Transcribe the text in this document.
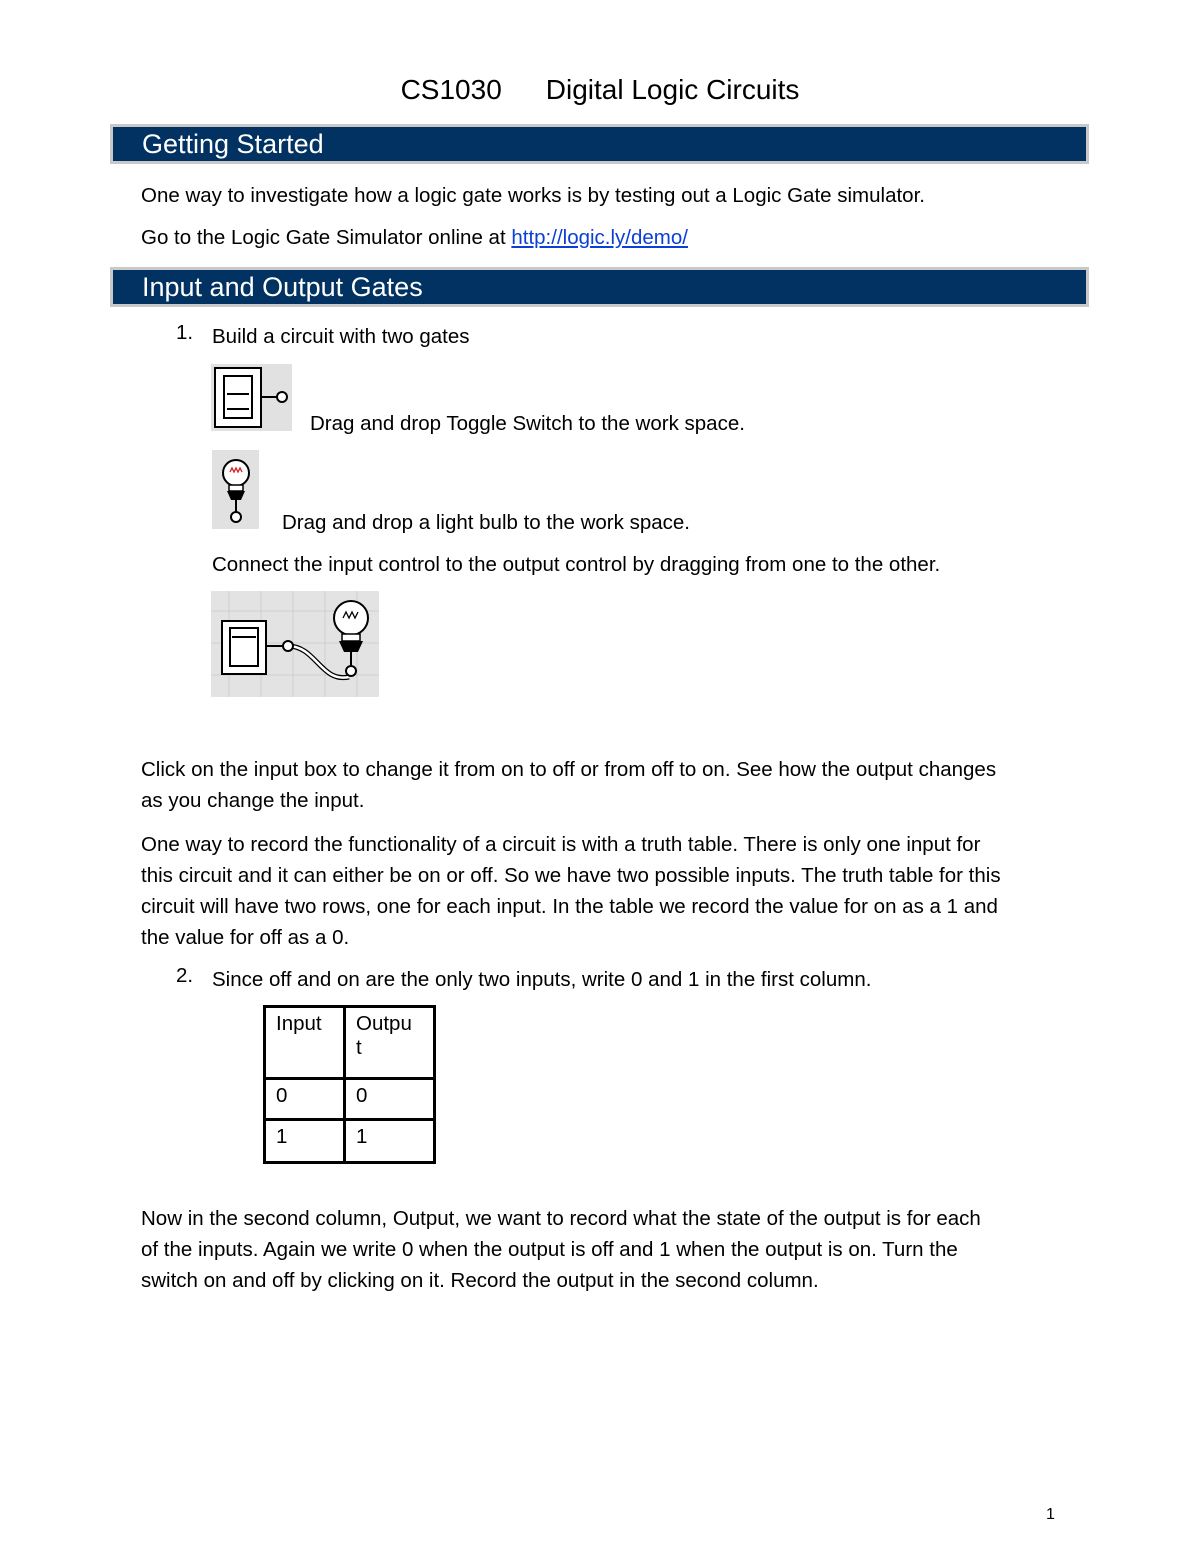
CS1030 Digital Logic Circuits
Getting Started
One way to investigate how a logic gate works is by testing out a Logic Gate simulator.
Go to the Logic Gate Simulator online at http://logic.ly/demo/
Input and Output Gates
1. Build a circuit with two gates
Drag and drop Toggle Switch to the work space.
Drag and drop a light bulb to the work space.
Connect the input control to the output control by dragging from one to the other.
Click on the input box to change it from on to off or from off to on. See how the output changes
as you change the input.
One way to record the functionality of a circuit is with a truth table. There is only one input for
this circuit and it can either be on or off. So we have two possible inputs. The truth table for this
circuit will have two rows, one for each input. In the table we record the value for on as a 1 and
the value for off as a 0.
2. Since off and on are the only two inputs, write 0 and 1 in the first column.
Input	Outpu
t

0	0
1	1
Now in the second column, Output, we want to record what the state of the output is for each
of the inputs. Again we write 0 when the output is off and 1 when the output is on. Turn the
switch on and off by clicking on it. Record the output in the second column.
1
